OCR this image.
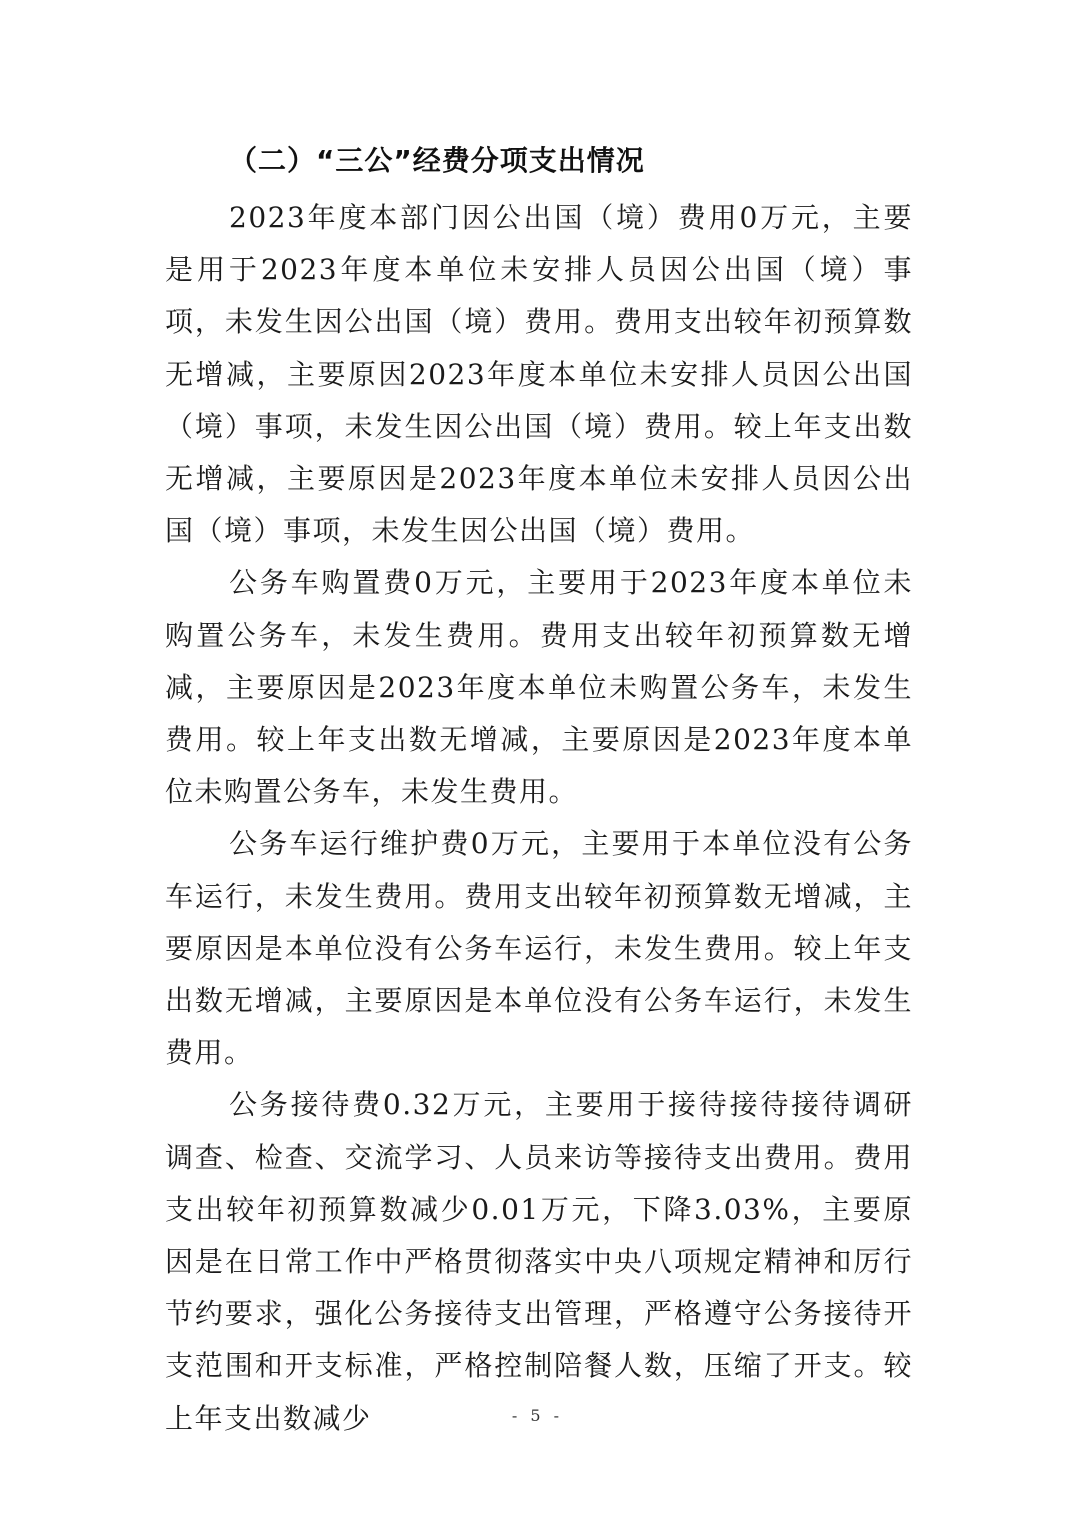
（二）“三公”经费分项支出情况

2023年度本部门因公出国（境）费用0万元，主要是用于2023年度本单位未安排人员因公出国（境）事项，未发生因公出国（境）费用。费用支出较年初预算数无增减，主要原因2023年度本单位未安排人员因公出国（境）事项，未发生因公出国（境）费用。较上年支出数无增减，主要原因是2023年度本单位未安排人员因公出国（境）事项，未发生因公出国（境）费用。

公务车购置费0万元，主要用于2023年度本单位未购置公务车，未发生费用。费用支出较年初预算数无增减，主要原因是2023年度本单位未购置公务车，未发生费用。较上年支出数无增减，主要原因是2023年度本单位未购置公务车，未发生费用。

公务车运行维护费0万元，主要用于本单位没有公务车运行，未发生费用。费用支出较年初预算数无增减，主要原因是本单位没有公务车运行，未发生费用。较上年支出数无增减，主要原因是本单位没有公务车运行，未发生费用。

公务接待费0.32万元，主要用于接待接待接待调研调查、检查、交流学习、人员来访等接待支出费用。费用支出较年初预算数减少0.01万元，下降3.03%，主要原因是在日常工作中严格贯彻落实中央八项规定精神和厉行节约要求，强化公务接待支出管理，严格遵守公务接待开支范围和开支标准，严格控制陪餐人数，压缩了开支。较上年支出数减少	- 5 -
